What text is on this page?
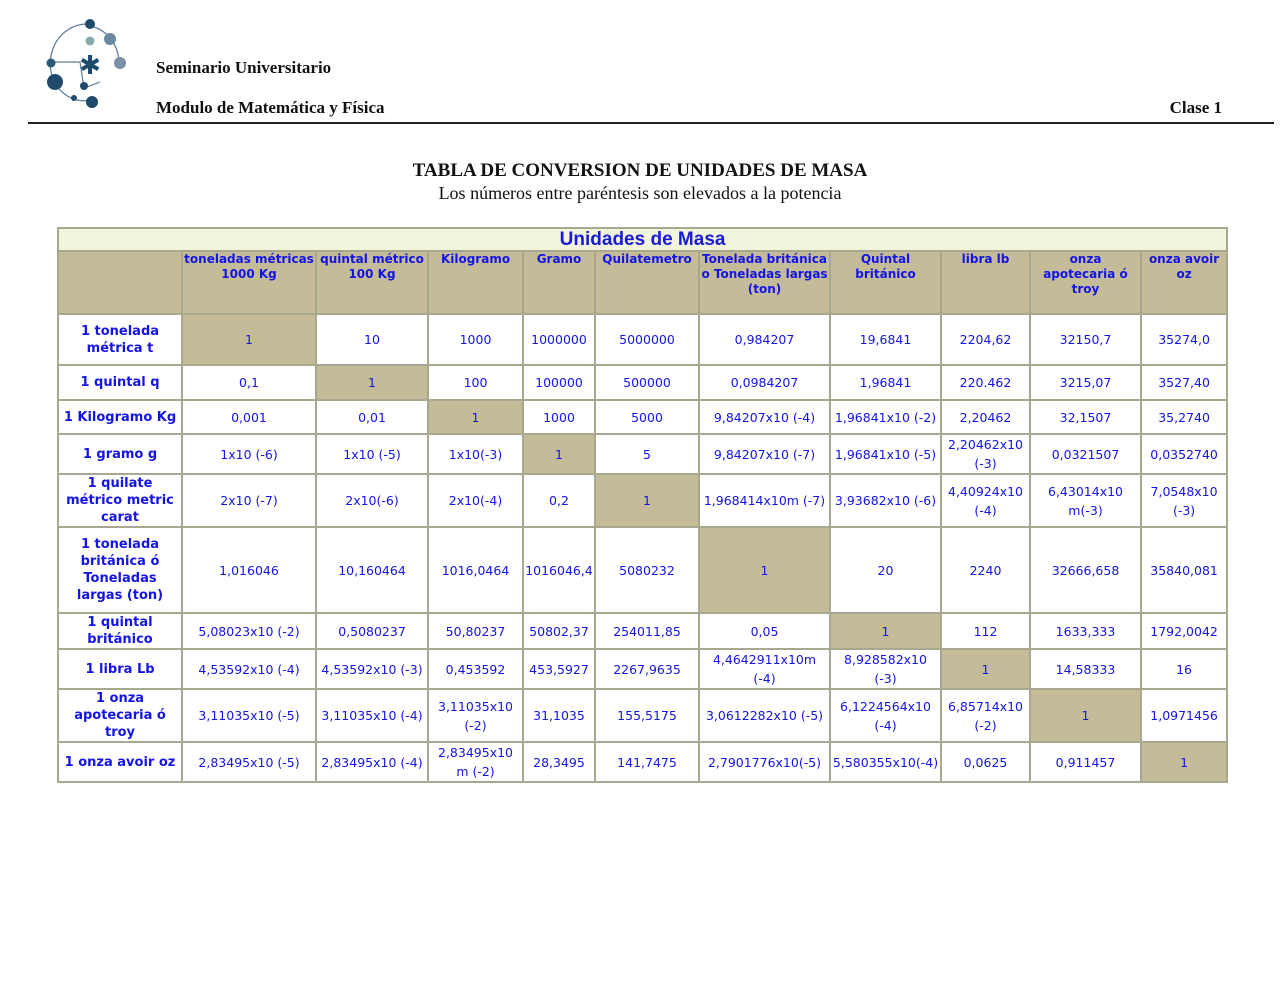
✱	Seminario Universitario
Modulo de Matemática y Física	Clase 1
TABLA DE CONVERSION DE UNIDADES DE MASA
Los números entre paréntesis son elevados a la potencia
Unidades de Masa										
	toneladas métricas 1000 Kg	quintal métrico 100 Kg	Kilogramo	Gramo	Quilatemetro	Tonelada británica o Toneladas largas (ton)	Quintal británico	libra lb	onza apotecaria ó troy	onza avoir oz
1 tonelada métrica t	1	10	1000	1000000	5000000	0,984207	19,6841	2204,62	32150,7	35274,0
1 quintal q	0,1	1	100	100000	500000	0,0984207	1,96841	220.462	3215,07	3527,40
1 Kilogramo Kg	0,001	0,01	1	1000	5000	9,84207x10 (-4)	1,96841x10 (-2)	2,20462	32,1507	35,2740
1 gramo g	1x10 (-6)	1x10 (-5)	1x10(-3)	1	5	9,84207x10 (-7)	1,96841x10 (-5)	2,20462x10 (-3)	0,0321507	0,0352740
1 quilate métrico metric carat	2x10 (-7)	2x10(-6)	2x10(-4)	0,2	1	1,968414x10m (-7)	3,93682x10 (-6)	4,40924x10 (-4)	6,43014x10 m(-3)	7,0548x10 (-3)
1 tonelada británica ó Toneladas largas (ton)	1,016046	10,160464	1016,0464	1016046,4	5080232	1	20	2240	32666,658	35840,081
1 quintal británico	5,08023x10 (-2)	0,5080237	50,80237	50802,37	254011,85	0,05	1	112	1633,333	1792,0042
1 libra Lb	4,53592x10 (-4)	4,53592x10 (-3)	0,453592	453,5927	2267,9635	4,4642911x10m (-4)	8,928582x10 (-3)	1	14,58333	16
1 onza apotecaria ó troy	3,11035x10 (-5)	3,11035x10 (-4)	3,11035x10 (-2)	31,1035	155,5175	3,0612282x10 (-5)	6,1224564x10 (-4)	6,85714x10 (-2)	1	1,0971456
1 onza avoir oz	2,83495x10 (-5)	2,83495x10 (-4)	2,83495x10 m (-2)	28,3495	141,7475	2,7901776x10(-5)	5,580355x10(-4)	0,0625	0,911457	1
